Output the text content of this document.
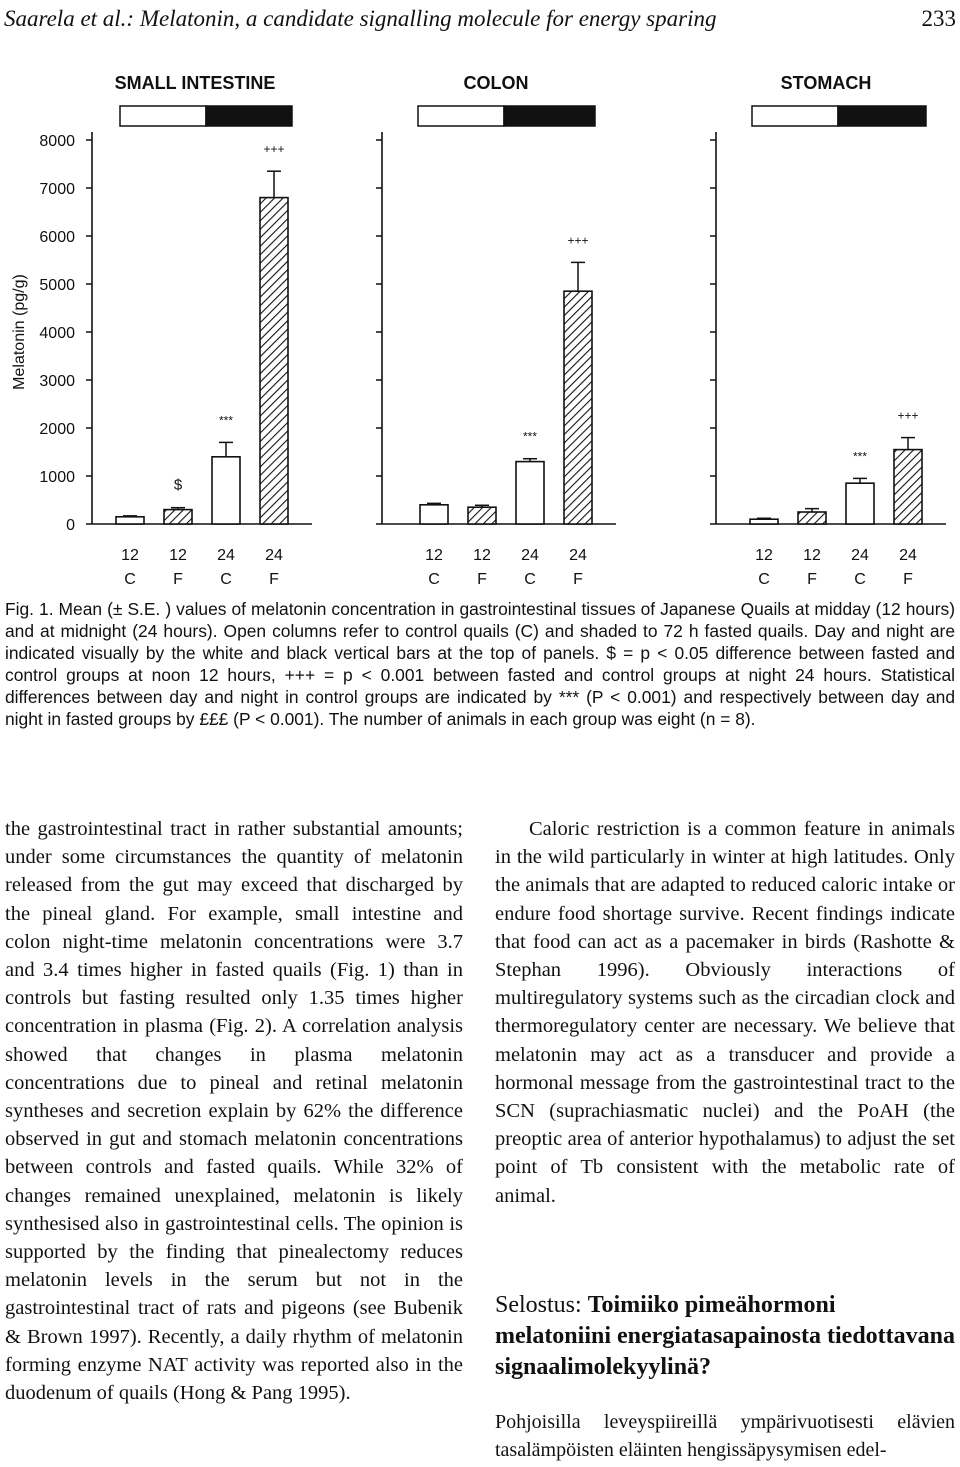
Saarela et al.: Melatonin, a candidate signalling molecule for energy sparing	233
Melatonin (pg/g)
0
1000
2000
3000
4000
5000
6000
7000
8000
SMALL INTESTINE
12
C
12
F
24
C
24
F
$
***
+++
COLON
12
C
12
F
24
C
24
F
***
+++
STOMACH
12
C
12
F
24
C
24
F
***
+++
Fig. 1. Mean (± S.E. ) values of melatonin concentration in gastrointestinal tissues of Japanese Quails at midday (12 hours) and at midnight (24 hours). Open columns refer to control quails (C) and shaded to 72 h fasted quails. Day and night are indicated visually by the white and black vertical bars at the top of panels. $ = p < 0.05 difference between fasted and control groups at noon 12 hours, +++ = p < 0.001 between fasted and control groups at night 24 hours. Statistical differences between day and night in control groups are indicated by *** (P < 0.001) and respectively between day and night in fasted groups by £££ (P < 0.001). The number of animals in each group was eight (n = 8).

the gastrointestinal tract in rather substantial amounts; under some circumstances the quantity of melatonin released from the gut may exceed that discharged by the pineal gland. For example, small intestine and colon night-time melatonin concentrations were 3.7 and 3.4 times higher in fasted quails (Fig. 1) than in controls but fasting resulted only 1.35 times higher concentration in plasma (Fig. 2). A correlation analysis showed that changes in plasma melatonin concentrations due to pineal and retinal melatonin syntheses and secretion explain by 62% the difference observed in gut and stomach melatonin concentrations between controls and fasted quails. While 32% of changes remained unexplained, melatonin is likely synthesised also in gastrointestinal cells. The opinion is supported by the finding that pinealectomy reduces melatonin levels in the serum but not in the gastrointestinal tract of rats and pigeons (see Bubenik & Brown 1997). Recently, a daily rhythm of melatonin forming enzyme NAT activity was reported also in the duodenum of quails (Hong & Pang 1995).

Caloric restriction is a common feature in animals in the wild particularly in winter at high latitudes. Only the animals that are adapted to reduced caloric intake or endure food shortage survive. Recent findings indicate that food can act as a pacemaker in birds (Rashotte & Stephan 1996). Obviously interactions of multiregulatory systems such as the circadian clock and thermoregulatory center are necessary. We believe that melatonin may act as a transducer and provide a hormonal message from the gastrointestinal tract to the SCN (suprachiasmatic nuclei) and the PoAH (the preoptic area of anterior hypothalamus) to adjust the set point of Tb consistent with the metabolic rate of animal.

Selostus: Toimiiko pimeähormoni melatoniini energiatasapainosta tiedottavana signaalimolekyylinä?

Pohjoisilla leveyspiireillä ympärivuotisesti elävien tasalämpöisten eläinten hengissäpysymisen edel-
